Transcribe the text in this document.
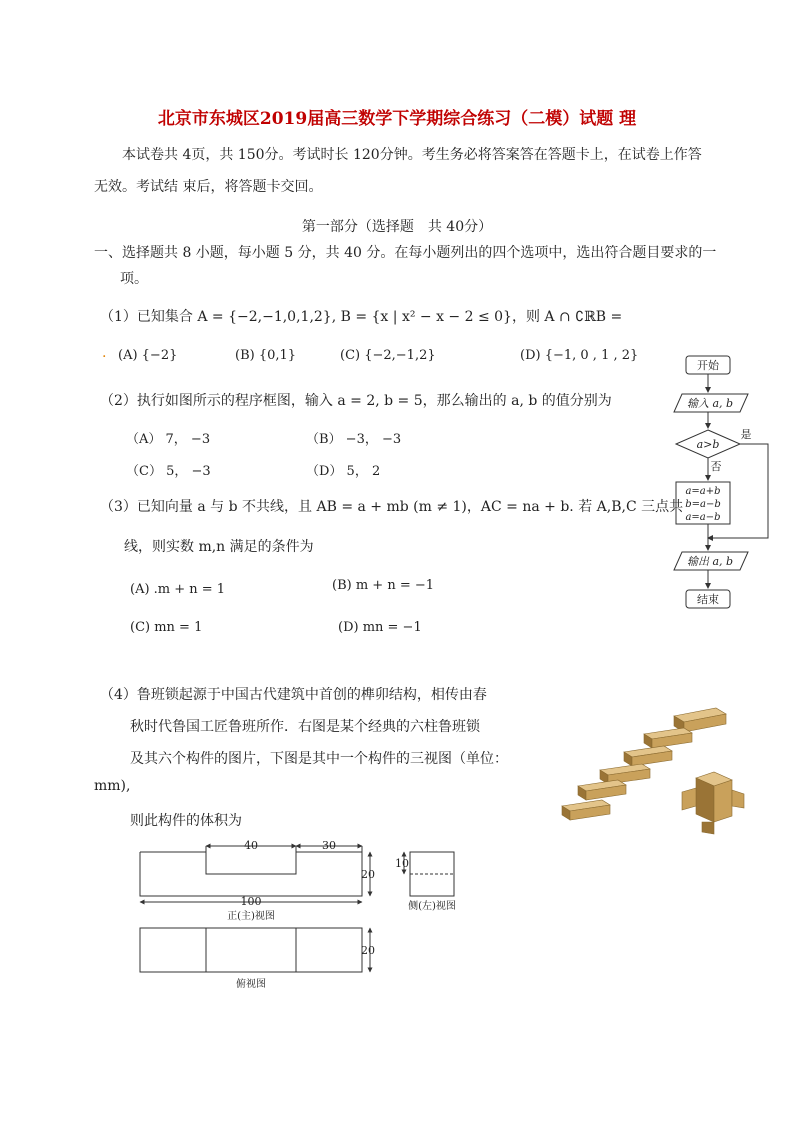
北京市东城区2019届高三数学下学期综合练习（二模）试题 理
本试卷共 4页，共 150分。考试时长 120分钟。考生务必将答案答在答题卡上，在试卷上作答
无效。考试结 束后，将答题卡交回。
第一部分（选择题　共 40分）
一、选择题共 8 小题，每小题 5 分，共 40 分。在每小题列出的四个选项中，选出符合题目要求的一
项。
（1）已知集合 A = {−2,−1,0,1,2}, B = {x | x² − x − 2 ≤ 0}，则 A ∩ ∁ℝB =
. (A) {−2}	(B) {0,1}	(C) {−2,−1,2}	(D) {−1, 0 , 1 , 2}
（2）执行如图所示的程序框图，输入 a = 2, b = 5，那么输出的 a, b 的值分别为
（A） 7， −3	（B） −3， −3
（C） 5， −3	（D） 5， 2
开始
输入 a, b
a>b
是
否
a=a+b
b=a−b
a=a−b
输出 a, b
结束
（3）已知向量 a 与 b 不共线，且 AB = a + mb (m ≠ 1)，AC = na + b. 若 A,B,C 三点共
线，则实数 m,n 满足的条件为
(A) .m + n = 1	(B) m + n = −1
(C) mn = 1	(D) mn = −1
（4）鲁班锁起源于中国古代建筑中首创的榫卯结构，相传由春
秋时代鲁国工匠鲁班所作．右图是某个经典的六柱鲁班锁
及其六个构件的图片，下图是其中一个构件的三视图（单位：
mm),
则此构件的体积为
40	30
100
20
10
20
正(主)视图
侧(左)视图
俯视图
